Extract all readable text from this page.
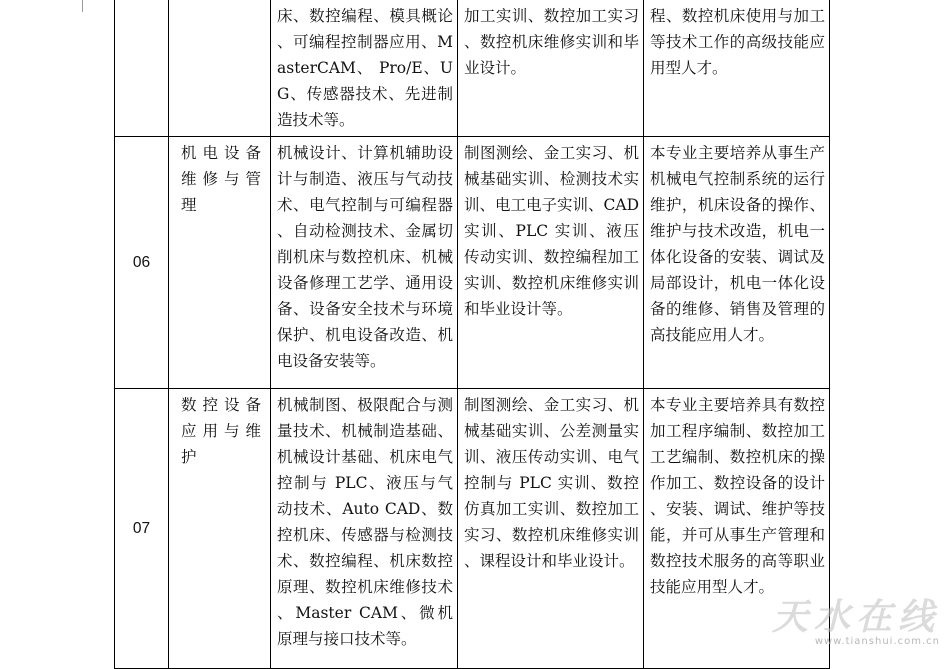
		床、数控编程、模具概论、可编程控制器应用、MasterCAM、 Pro/E、UG、传感器技术、先进制造技术等。	加工实训、数控加工实习、数控机床维修实训和毕业设计。	程、数控机床使用与加工等技术工作的高级技能应用型人才。

06	机电设备维修与管理	机械设计、计算机辅助设计与制造、液压与气动技术、电气控制与可编程器、自动检测技术、金属切削机床与数控机床、机械设备修理工艺学、通用设备、设备安全技术与环境保护、机电设备改造、机电设备安装等。	制图测绘、金工实习、机械基础实训、检测技术实训、电工电子实训、CAD 实训、PLC 实训、液压传动实训、数控编程加工实训、数控机床维修实训和毕业设计等。	本专业主要培养从事生产机械电气控制系统的运行维护，机床设备的操作、维护与技术改造，机电一体化设备的安装、调试及局部设计，机电一体化设备的维修、销售及管理的高技能应用人才。

07	数控设备应用与维护	机械制图、极限配合与测量技术、机械制造基础、机械设计基础、机床电气控制与 PLC、液压与气动技术、Auto CAD、数控机床、传感器与检测技术、数控编程、机床数控原理、数控机床维修技术、Master CAM、微机原理与接口技术等。	制图测绘、金工实习、机械基础实训、公差测量实训、液压传动实训、电气控制与 PLC 实训、数控仿真加工实训、数控加工实习、数控机床维修实训、课程设计和毕业设计。	本专业主要培养具有数控加工程序编制、数控加工工艺编制、数控机床的操作加工、数控设备的设计、安装、调试、维护等技能，并可从事生产管理和数控技术服务的高等职业技能应用型人才。
天水在线
www.tianshui.com.cn
